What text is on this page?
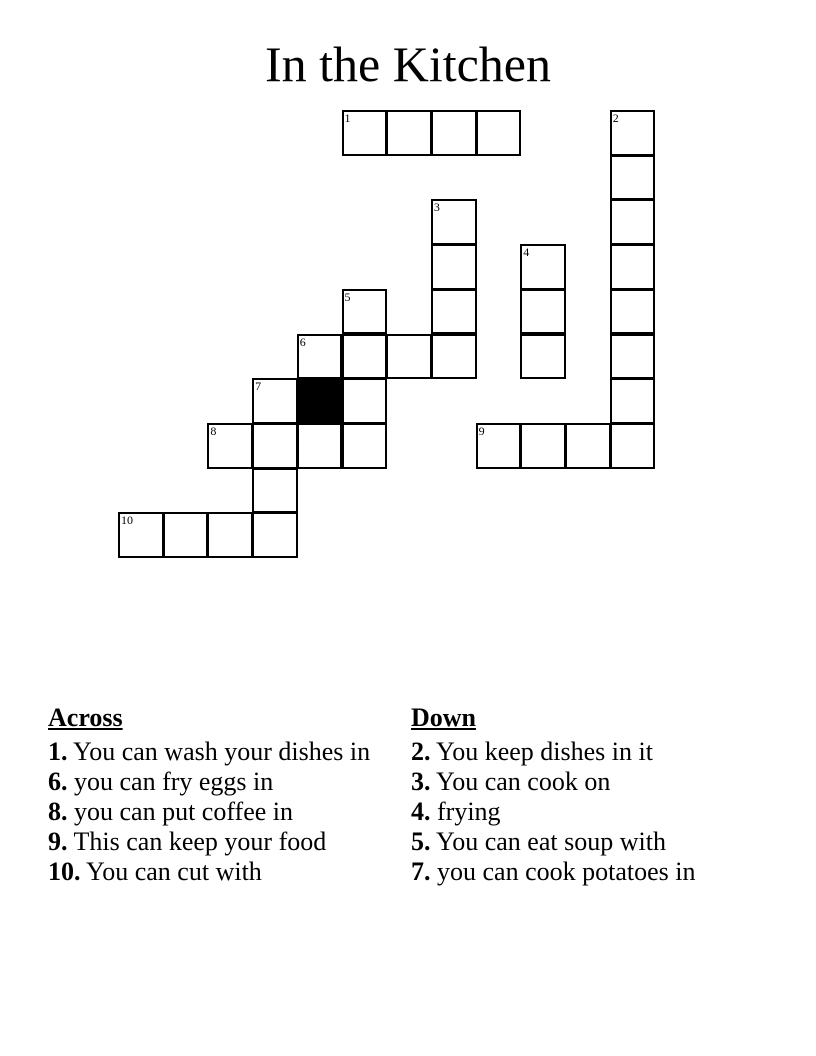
In the Kitchen
1	2
3
4
5
6
7
8	9
10
Across
1. You can wash your dishes in
6. you can fry eggs in
8. you can put coffee in
9. This can keep your food
10. You can cut with
Down
2. You keep dishes in it
3. You can cook on
4. frying
5. You can eat soup with
7. you can cook potatoes in
